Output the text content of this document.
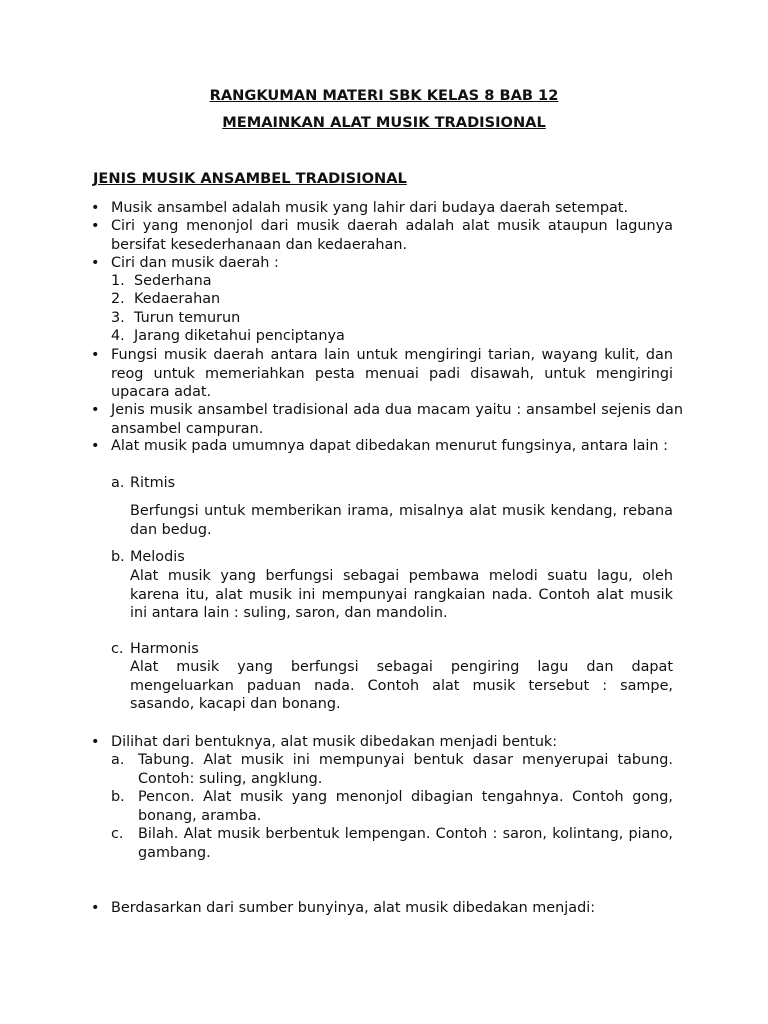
RANGKUMAN MATERI SBK KELAS 8 BAB 12
MEMAINKAN ALAT MUSIK TRADISIONAL
JENIS MUSIK ANSAMBEL TRADISIONAL
• Musik ansambel adalah musik yang lahir dari budaya daerah setempat.
• Ciri yang menonjol dari musik daerah adalah alat musik ataupun lagunya bersifat kesederhanaan dan kedaerahan.
• Ciri dan musik daerah :
1. Sederhana
2. Kedaerahan
3. Turun temurun
4. Jarang diketahui penciptanya
• Fungsi musik daerah antara lain untuk mengiringi tarian, wayang kulit, dan reog untuk memeriahkan pesta menuai padi disawah, untuk mengiringi upacara adat.
• Jenis musik ansambel tradisional ada dua macam yaitu : ansambel sejenis dan ansambel campuran.
• Alat musik pada umumnya dapat dibedakan menurut fungsinya, antara lain :
a. Ritmis
Berfungsi untuk memberikan irama, misalnya alat musik kendang, rebana dan bedug.
b. Melodis
Alat musik yang berfungsi sebagai pembawa melodi suatu lagu, oleh karena itu, alat musik ini mempunyai rangkaian nada. Contoh alat musik ini antara lain : suling, saron, dan mandolin.
c. Harmonis
Alat musik yang berfungsi sebagai pengiring lagu dan dapat mengeluarkan paduan nada. Contoh alat musik tersebut : sampe, sasando, kacapi dan bonang.
• Dilihat dari bentuknya, alat musik dibedakan menjadi bentuk:
a. Tabung. Alat musik ini mempunyai bentuk dasar menyerupai tabung. Contoh: suling, angklung.
b. Pencon. Alat musik yang menonjol dibagian tengahnya. Contoh gong, bonang, aramba.
c. Bilah. Alat musik berbentuk lempengan. Contoh : saron, kolintang, piano, gambang.
• Berdasarkan dari sumber bunyinya, alat musik dibedakan menjadi:
